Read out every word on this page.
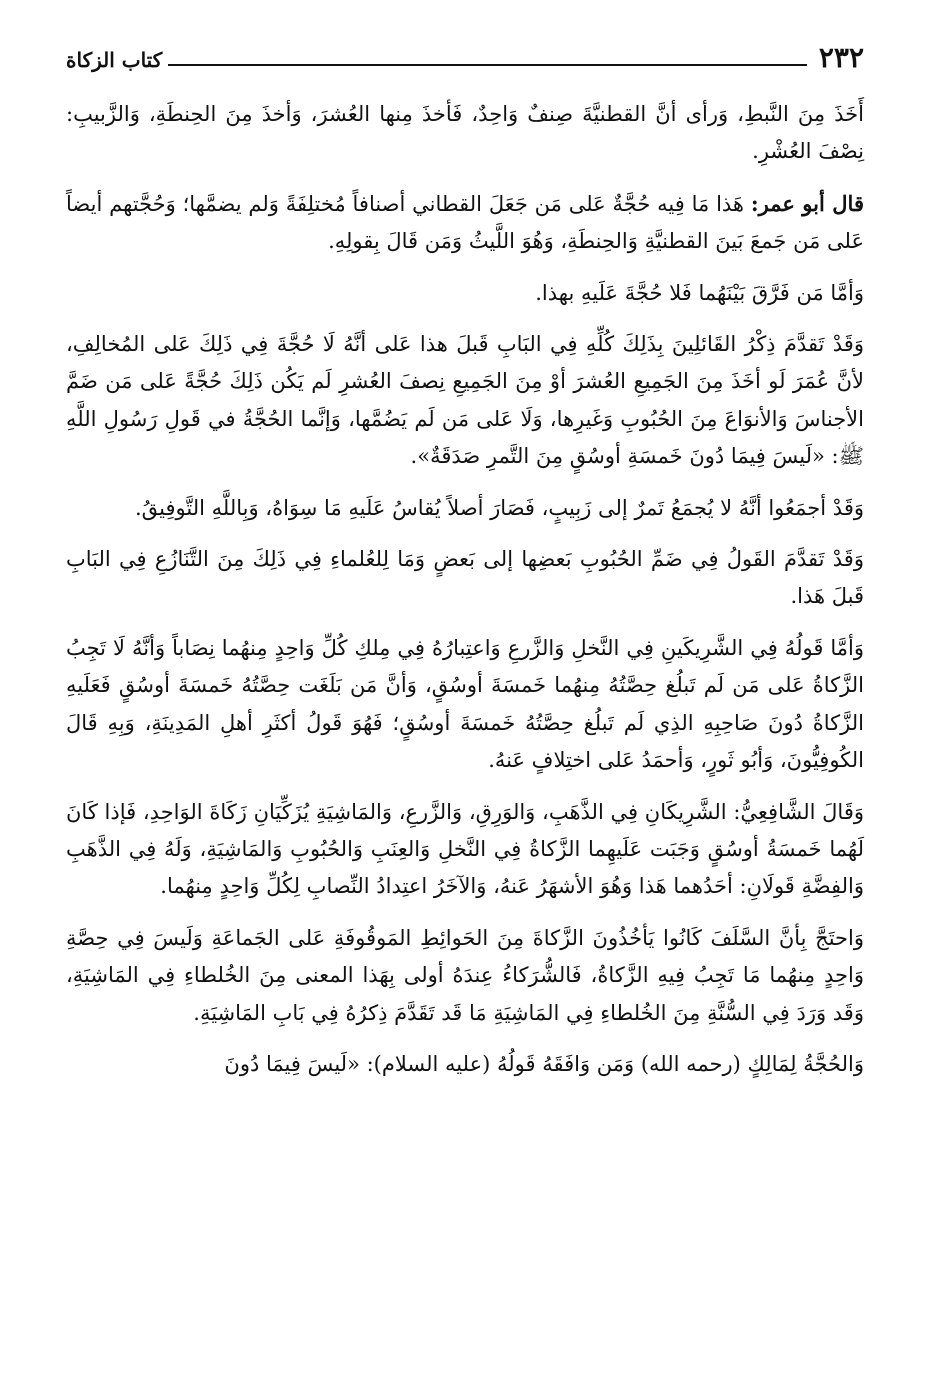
٢٣٢
كتاب الزكاة

أَخَذَ مِنَ النَّبطِ، وَرأى أنَّ القطنيَّةَ صِنفٌ وَاحِدٌ، فَأخذَ مِنها العُشرَ، وَأخذَ مِنَ الحِنطَةِ، وَالزَّبيبِ: نِصْفَ العُشْرِ.

قال أبو عمر: هَذا مَا فِيه حُجَّةٌ عَلى مَن جَعَلَ القطاني أصنافاً مُختلِفَةً وَلم يضمَّها؛ وَحُجَّتهم أيضاً عَلى مَن جَمعَ بَينَ القطنيَّةِ وَالحِنطَةِ، وَهُوَ اللَّيثُ وَمَن قَالَ بِقولِهِ.

وَأمَّا مَن فَرَّقَ بَيْنَهُما فَلا حُجَّةَ عَلَيهِ بهذا.

وَقَدْ تَقدَّمَ ذِكْرُ القَائلِينَ بِذَلِكَ كُلِّهِ فِي البَابِ قَبلَ هذا عَلى أنَّهُ لَا حُجَّةَ فِي ذَلِكَ عَلى المُخالِفِ، لأنَّ عُمَرَ لَو أخَذَ مِنَ الجَمِيعِ العُشرَ أوْ مِنَ الجَمِيعِ نِصفَ العُشرِ لَم يَكُن ذَلِكَ حُجَّةً عَلى مَن ضَمَّ الأجناسَ وَالأنوَاعَ مِنَ الحُبُوبِ وَغَيرِها، وَلَا عَلى مَن لَم يَضُمَّها، وَإنَّما الحُجَّةُ في قَولِ رَسُولِ اللَّهِ ﷺ: «لَيسَ فِيمَا دُونَ خَمسَةِ أوسُقٍ مِنَ التَّمرِ صَدَقَةٌ».

وَقَدْ أجمَعُوا أنَّهُ لا يُجمَعُ تَمرٌ إلى زَبِيبٍ، فَصَارَ أصلاً يُقاسُ عَلَيهِ مَا سِوَاهُ، وَبِاللَّهِ التَّوفِيقُ.

وَقَدْ تَقدَّمَ القَولُ فِي ضَمِّ الحُبُوبِ بَعضِها إلى بَعضٍ وَمَا لِلعُلماءِ فِي ذَلِكَ مِنَ التَّنَازُعِ فِي البَابِ قَبلَ هَذا.

وَأمَّا قَولُهُ فِي الشَّرِيكَينِ فِي النَّخلِ وَالزَّرعِ وَاعتِبارُهُ فِي مِلكِ كُلِّ وَاحِدٍ مِنهُما نِصَاباً وَأنَّهُ لَا تَجِبُ الزَّكاةُ عَلى مَن لَم تَبلُغ حِصَّتُهُ مِنهُما خَمسَةَ أوسُقٍ، وَأنَّ مَن بَلَغَت حِصَّتُهُ خَمسَةَ أوسُقٍ فَعَلَيهِ الزَّكاةُ دُونَ صَاحِبِهِ الذِي لَم تَبلُغ حِصَّتُهُ خَمسَةَ أوسُقٍ؛ فَهُوَ قَولُ أكثَرِ أهلِ المَدِينَةِ، وَبِهِ قَالَ الكُوفِيُّونَ، وَأبُو ثَورٍ، وَأحمَدُ عَلى اختِلافٍ عَنهُ.

وَقَالَ الشَّافِعِيُّ: الشَّرِيكَانِ فِي الذَّهَبِ، وَالوَرِقِ، وَالزَّرعِ، وَالمَاشِيَةِ يُزَكِّيَانِ زَكَاةَ الوَاحِدِ، فَإذا كَانَ لَهُما خَمسَةُ أوسُقٍ وَجَبَت عَلَيهِما الزَّكاةُ فِي النَّخلِ وَالعِنَبِ وَالحُبُوبِ وَالمَاشِيَةِ، وَلَهُ فِي الذَّهَبِ وَالفِضَّةِ قَولَانِ: أحَدُهما هَذا وَهُوَ الأشهَرُ عَنهُ، وَالآخَرُ اعتِدادُ النِّصابِ لِكُلِّ وَاحِدٍ مِنهُما.

وَاحتَجَّ بِأنَّ السَّلَفَ كَانُوا يَأخُذُونَ الزَّكاةَ مِنَ الحَوائِطِ المَوقُوفَةِ عَلى الجَماعَةِ وَلَيسَ فِي حِصَّةِ وَاحِدٍ مِنهُما مَا تَجِبُ فِيهِ الزَّكاةُ، فَالشُّرَكاءُ عِندَهُ أولى بِهَذا المعنى مِنَ الخُلطاءِ فِي المَاشِيَةِ، وَقَد وَرَدَ فِي السُّنَّةِ مِنَ الخُلطاءِ فِي المَاشِيَةِ مَا قَد تَقَدَّمَ ذِكرُهُ فِي بَابِ المَاشِيَةِ.

وَالحُجَّةُ لِمَالِكٍ (رحمه الله) وَمَن وَافَقَهُ قَولُهُ (عليه السلام): «لَيسَ فِيمَا دُونَ
